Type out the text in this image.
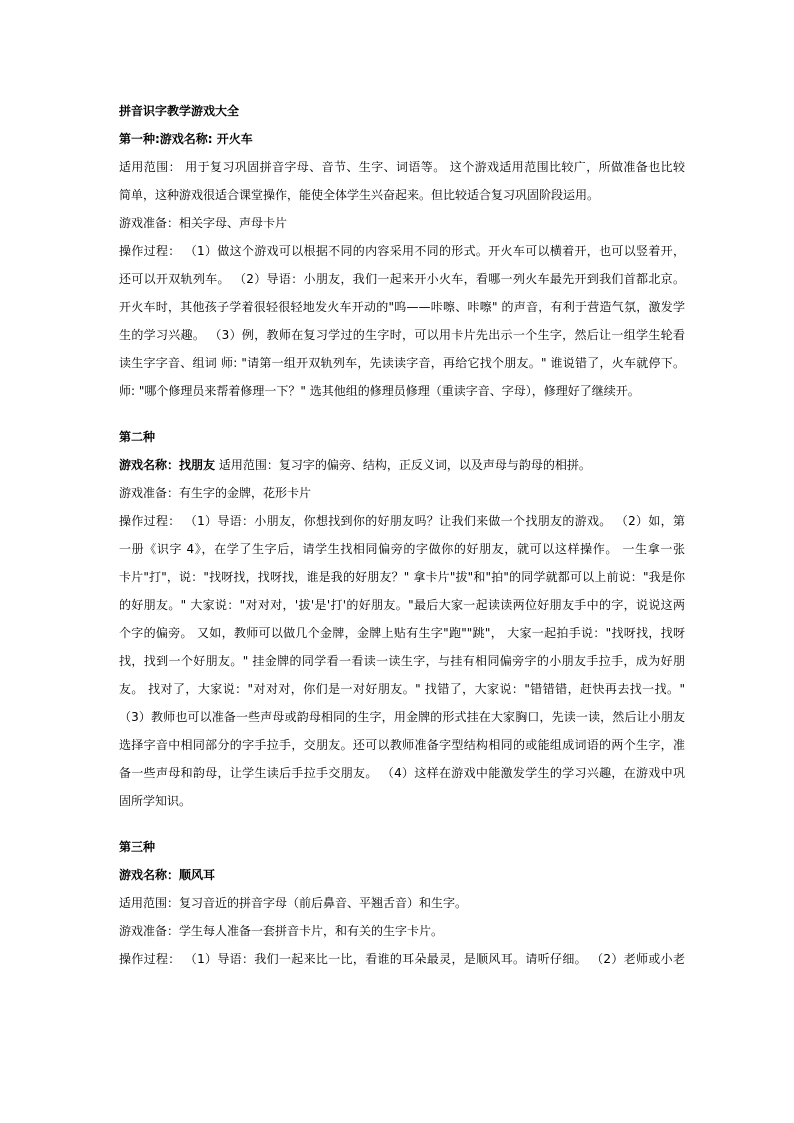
拼音识字教学游戏大全
第一种:游戏名称: 开火车
适用范围： 用于复习巩固拼音字母、音节、生字、词语等。 这个游戏适用范围比较广，所做准备也比较
简单，这种游戏很适合课堂操作，能使全体学生兴奋起来。但比较适合复习巩固阶段运用。
游戏准备：相关字母、声母卡片
操作过程： （1）做这个游戏可以根据不同的内容采用不同的形式。开火车可以横着开，也可以竖着开，
还可以开双轨列车。 （2）导语：小朋友，我们一起来开小火车，看哪一列火车最先开到我们首都北京。
开火车时，其他孩子学着很轻很轻地发火车开动的"呜——咔嚓、咔嚓" 的声音，有利于营造气氛，激发学
生的学习兴趣。 （3）例，教师在复习学过的生字时，可以用卡片先出示一个生字，然后让一组学生轮看
读生字字音、组词 师: "请第一组开双轨列车，先读读字音，再给它找个朋友。" 谁说错了，火车就停下。
师: "哪个修理员来帮着修理一下？" 选其他组的修理员修理（重读字音、字母），修理好了继续开。
第二种
游戏名称：找朋友 适用范围：复习字的偏旁、结构，正反义词，以及声母与韵母的相拼。
游戏准备：有生字的金牌，花形卡片
操作过程： （1）导语：小朋友，你想找到你的好朋友吗？让我们来做一个找朋友的游戏。 （2）如，第
一册《识字 4》，在学了生字后，请学生找相同偏旁的字做你的好朋友，就可以这样操作。 一生拿一张
卡片"打"，说："找呀找，找呀找，谁是我的好朋友？" 拿卡片"拔"和"拍"的同学就都可以上前说："我是你
的好朋友。" 大家说："对对对，'拔'是'打'的好朋友。"最后大家一起读读两位好朋友手中的字，说说这两
个字的偏旁。 又如，教师可以做几个金牌，金牌上贴有生字"跑""跳"， 大家一起拍手说："找呀找，找呀
找，找到一个好朋友。" 挂金牌的同学看一看读一读生字，与挂有相同偏旁字的小朋友手拉手，成为好朋
友。 找对了，大家说："对对对，你们是一对好朋友。" 找错了，大家说："错错错，赶快再去找一找。"
（3）教师也可以准备一些声母或韵母相同的生字，用金牌的形式挂在大家胸口，先读一读，然后让小朋友
选择字音中相同部分的字手拉手，交朋友。还可以教师准备字型结构相同的或能组成词语的两个生字，准
备一些声母和韵母，让学生读后手拉手交朋友。 （4）这样在游戏中能激发学生的学习兴趣，在游戏中巩
固所学知识。
第三种
游戏名称：顺风耳
适用范围：复习音近的拼音字母（前后鼻音、平翘舌音）和生字。
游戏准备：学生每人准备一套拼音卡片，和有关的生字卡片。
操作过程： （1）导语：我们一起来比一比，看谁的耳朵最灵，是顺风耳。请听仔细。 （2）老师或小老
